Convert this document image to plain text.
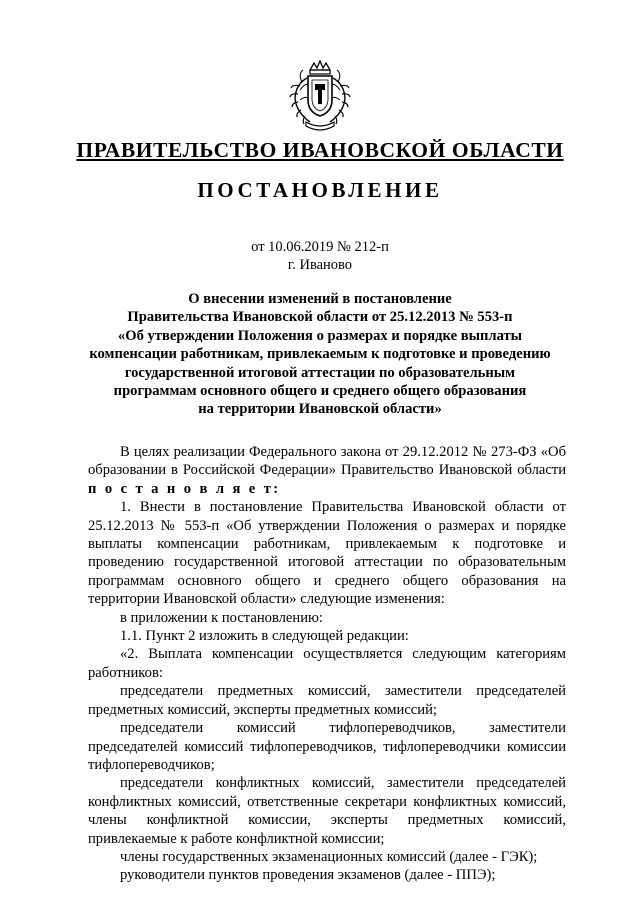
ПРАВИТЕЛЬСТВО ИВАНОВСКОЙ ОБЛАСТИ
ПОСТАНОВЛЕНИЕ
от 10.06.2019 № 212-п
г. Иваново
О внесении изменений в постановление
Правительства Ивановской области от 25.12.2013 № 553-п
«Об утверждении Положения о размерах и порядке выплаты
компенсации работникам, привлекаемым к подготовке и проведению
государственной итоговой аттестации по образовательным
программам основного общего и среднего общего образования
на территории Ивановской области»

В целях реализации Федерального закона от 29.12.2012 № 273-ФЗ «Об образовании в Российской Федерации» Правительство Ивановской области п о с т а н о в л я е т:

1. Внести в постановление Правительства Ивановской области от 25.12.2013 № 553-п «Об утверждении Положения о размерах и порядке выплаты компенсации работникам, привлекаемым к подготовке и проведению государственной итоговой аттестации по образовательным программам основного общего и среднего общего образования на территории Ивановской области» следующие изменения:

в приложении к постановлению:

1.1. Пункт 2 изложить в следующей редакции:

«2. Выплата компенсации осуществляется следующим категориям работников:

председатели предметных комиссий, заместители председателей предметных комиссий, эксперты предметных комиссий;

председатели комиссий тифлопереводчиков, заместители председателей комиссий тифлопереводчиков, тифлопереводчики комиссии тифлопереводчиков;

председатели конфликтных комиссий, заместители председателей конфликтных комиссий, ответственные секретари конфликтных комиссий, члены конфликтной комиссии, эксперты предметных комиссий, привлекаемые к работе конфликтной комиссии;

члены государственных экзаменационных комиссий (далее - ГЭК);

руководители пунктов проведения экзаменов (далее - ППЭ);
